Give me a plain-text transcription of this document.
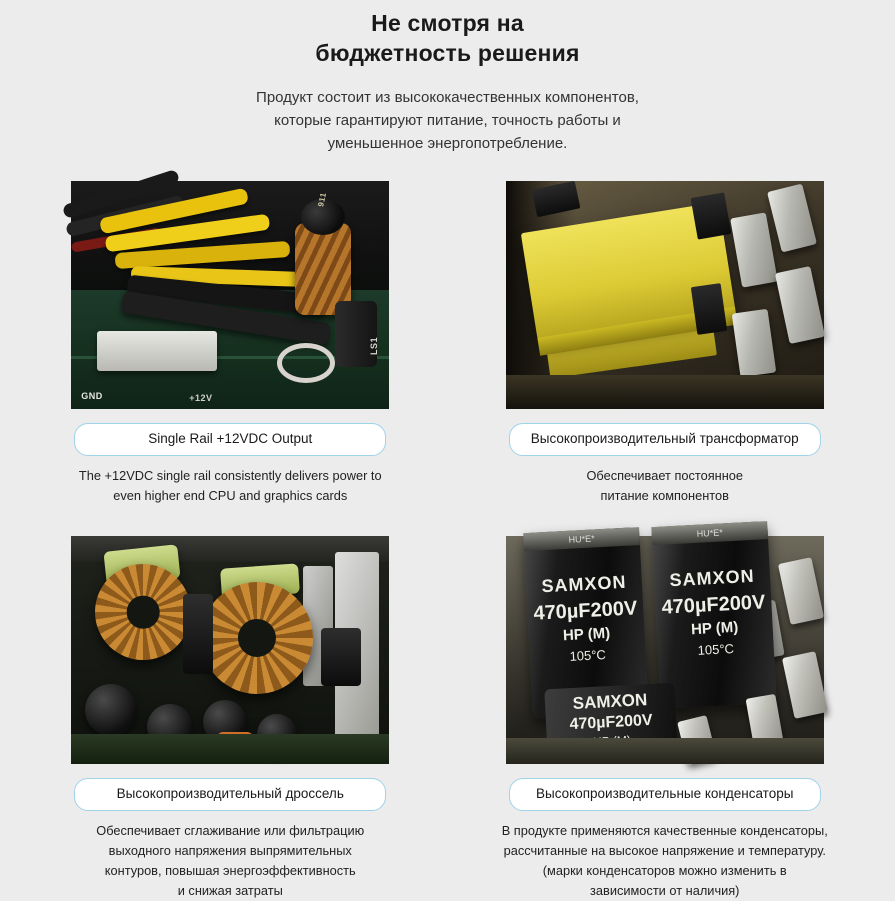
Не смотря на
бюджетность решения
Продукт состоит из высококачественных компонентов,
которые гарантируют питание, точность работы и
уменьшенное энергопотребление.
GND	+12V
LS1
911
Single Rail +12VDC Output
The +12VDC single rail consistently delivers power to
even higher end CPU and graphics cards
Высокопроизводительный трансформатор
Обеспечивает постоянное
питание компонентов
Высокопроизводительный дроссель
Обеспечивает сглаживание или фильтрацию
выходного напряжения выпрямительных
контуров, повышая энергоэффективность
и снижая затраты
HU*E*
SAMXON
470µF200V
HP (M)
105°C
HU*E*
SAMXON
470µF200V
HP (M)
105°C
SAMXON
470µF200V
Высокопроизводительные конденсаторы
В продукте применяются качественные конденсаторы,
рассчитанные на высокое напряжение и температуру.
(марки конденсаторов можно изменить в
зависимости от наличия)
